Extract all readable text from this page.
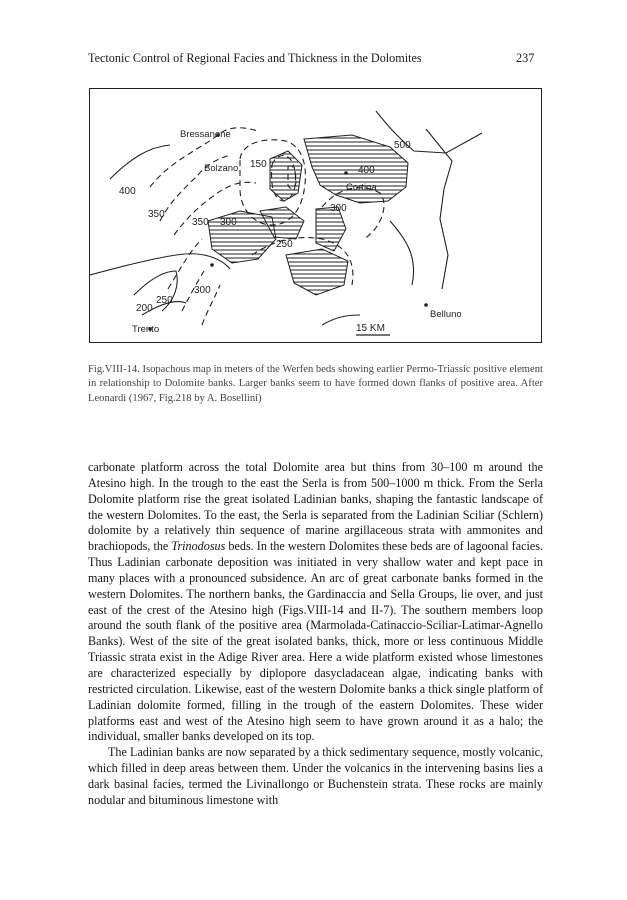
Tectonic Control of Regional Facies and Thickness in the Dolomites	237
Bressanone
Bolzano
Cortina
Belluno
Trento
400
350
350 300
150
500
400
300
250
300
200
250
15 KM
Fig.VIII-14. Isopachous map in meters of the Werfen beds showing earlier Permo-Triassic positive element in relationship to Dolomite banks. Larger banks seem to have formed down flanks of positive area. After Leonardi (1967, Fig.218 by A. Bosellini)

carbonate platform across the total Dolomite area but thins from 30–100 m around the Atesino high. In the trough to the east the Serla is from 500–1000 m thick. From the Serla Dolomite platform rise the great isolated Ladinian banks, shaping the fantastic landscape of the western Dolomites. To the east, the Serla is separated from the Ladinian Sciliar (Schlern) dolomite by a relatively thin sequence of marine argillaceous strata with ammonites and brachiopods, the Trinodosus beds. In the western Dolomites these beds are of lagoonal facies. Thus Ladinian carbonate deposition was initiated in very shallow water and kept pace in many places with a pronounced subsidence. An arc of great carbonate banks formed in the western Dolomites. The northern banks, the Gardinaccia and Sella Groups, lie over, and just east of the crest of the Atesino high (Figs.VIII-14 and II-7). The southern members loop around the south flank of the positive area (Marmolada-Catinaccio-Sciliar-Latimar-Agnello Banks). West of the site of the great isolated banks, thick, more or less continuous Middle Triassic strata exist in the Adige River area. Here a wide platform existed whose limestones are characterized especially by diplopore dasycladacean algae, indicating banks with restricted circulation. Likewise, east of the western Dolomite banks a thick single platform of Ladinian dolomite formed, filling in the trough of the eastern Dolomites. These wider platforms east and west of the Atesino high seem to have grown around it as a halo; the individual, smaller banks developed on its top.

The Ladinian banks are now separated by a thick sedimentary sequence, mostly volcanic, which filled in deep areas between them. Under the volcanics in the intervening basins lies a dark basinal facies, termed the Livinallongo or Buchenstein strata. These rocks are mainly nodular and bituminous limestone with
